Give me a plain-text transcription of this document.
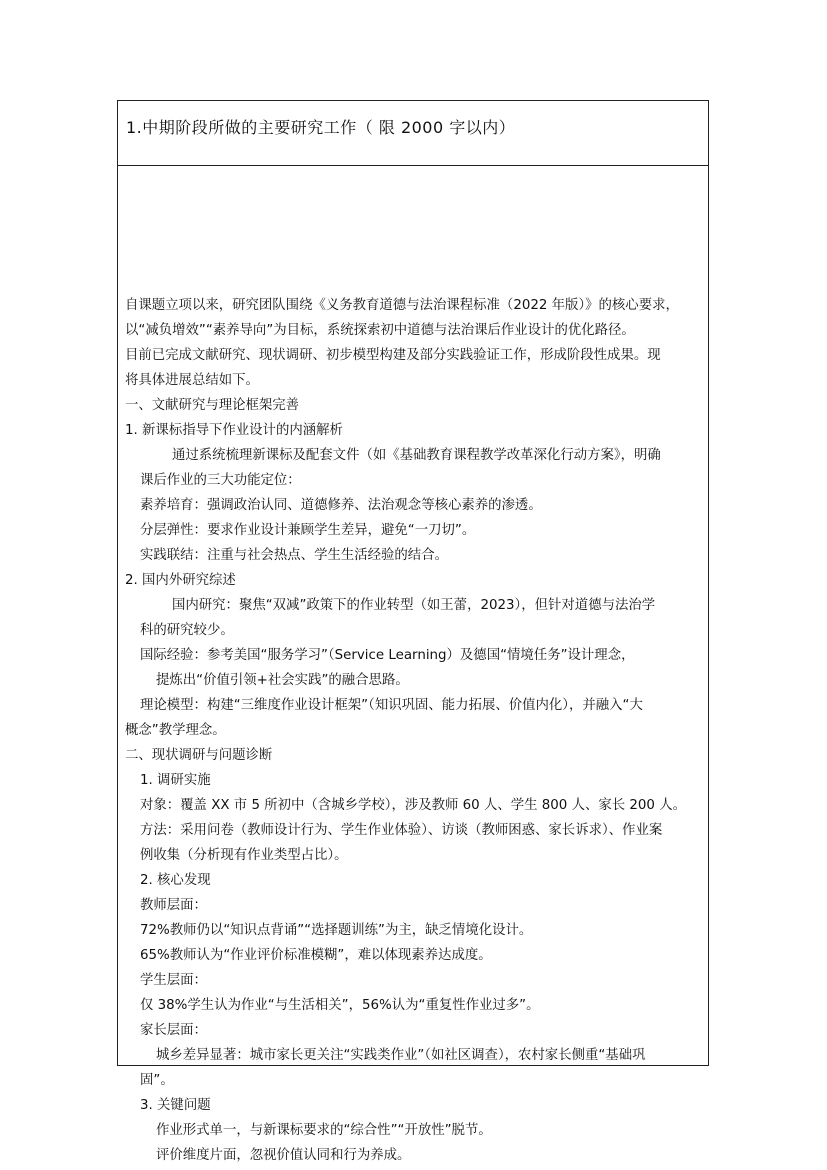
1.中期阶段所做的主要研究工作（ 限 2000 字以内）
自课题立项以来，研究团队围绕《义务教育道德与法治课程标准（2022 年版）》的核心要求，
以“减负增效”“素养导向”为目标，系统探索初中道德与法治课后作业设计的优化路径。
目前已完成文献研究、现状调研、初步模型构建及部分实践验证工作，形成阶段性成果。现
将具体进展总结如下。
一、文献研究与理论框架完善
1. 新课标指导下作业设计的内涵解析
通过系统梳理新课标及配套文件（如《基础教育课程教学改革深化行动方案》，明确
课后作业的三大功能定位：
素养培育：强调政治认同、道德修养、法治观念等核心素养的渗透。
分层弹性：要求作业设计兼顾学生差异，避免“一刀切”。
实践联结：注重与社会热点、学生生活经验的结合。
2. 国内外研究综述
国内研究：聚焦“双减”政策下的作业转型（如王蕾，2023），但针对道德与法治学
科的研究较少。
国际经验：参考美国“服务学习”（Service Learning）及德国“情境任务”设计理念，
提炼出“价值引领+社会实践”的融合思路。
理论模型：构建“三维度作业设计框架”（知识巩固、能力拓展、价值内化），并融入“大
概念”教学理念。
二、现状调研与问题诊断
1. 调研实施
对象：覆盖 XX 市 5 所初中（含城乡学校），涉及教师 60 人、学生 800 人、家长 200 人。
方法：采用问卷（教师设计行为、学生作业体验）、访谈（教师困惑、家长诉求）、作业案
例收集（分析现有作业类型占比）。
2. 核心发现
教师层面：
72%教师仍以“知识点背诵”“选择题训练”为主，缺乏情境化设计。
65%教师认为“作业评价标准模糊”，难以体现素养达成度。
学生层面：
仅 38%学生认为作业“与生活相关”，56%认为“重复性作业过多”。
家长层面：
城乡差异显著：城市家长更关注“实践类作业”（如社区调查），农村家长侧重“基础巩
固”。
3. 关键问题
作业形式单一，与新课标要求的“综合性”“开放性”脱节。
评价维度片面，忽视价值认同和行为养成。
